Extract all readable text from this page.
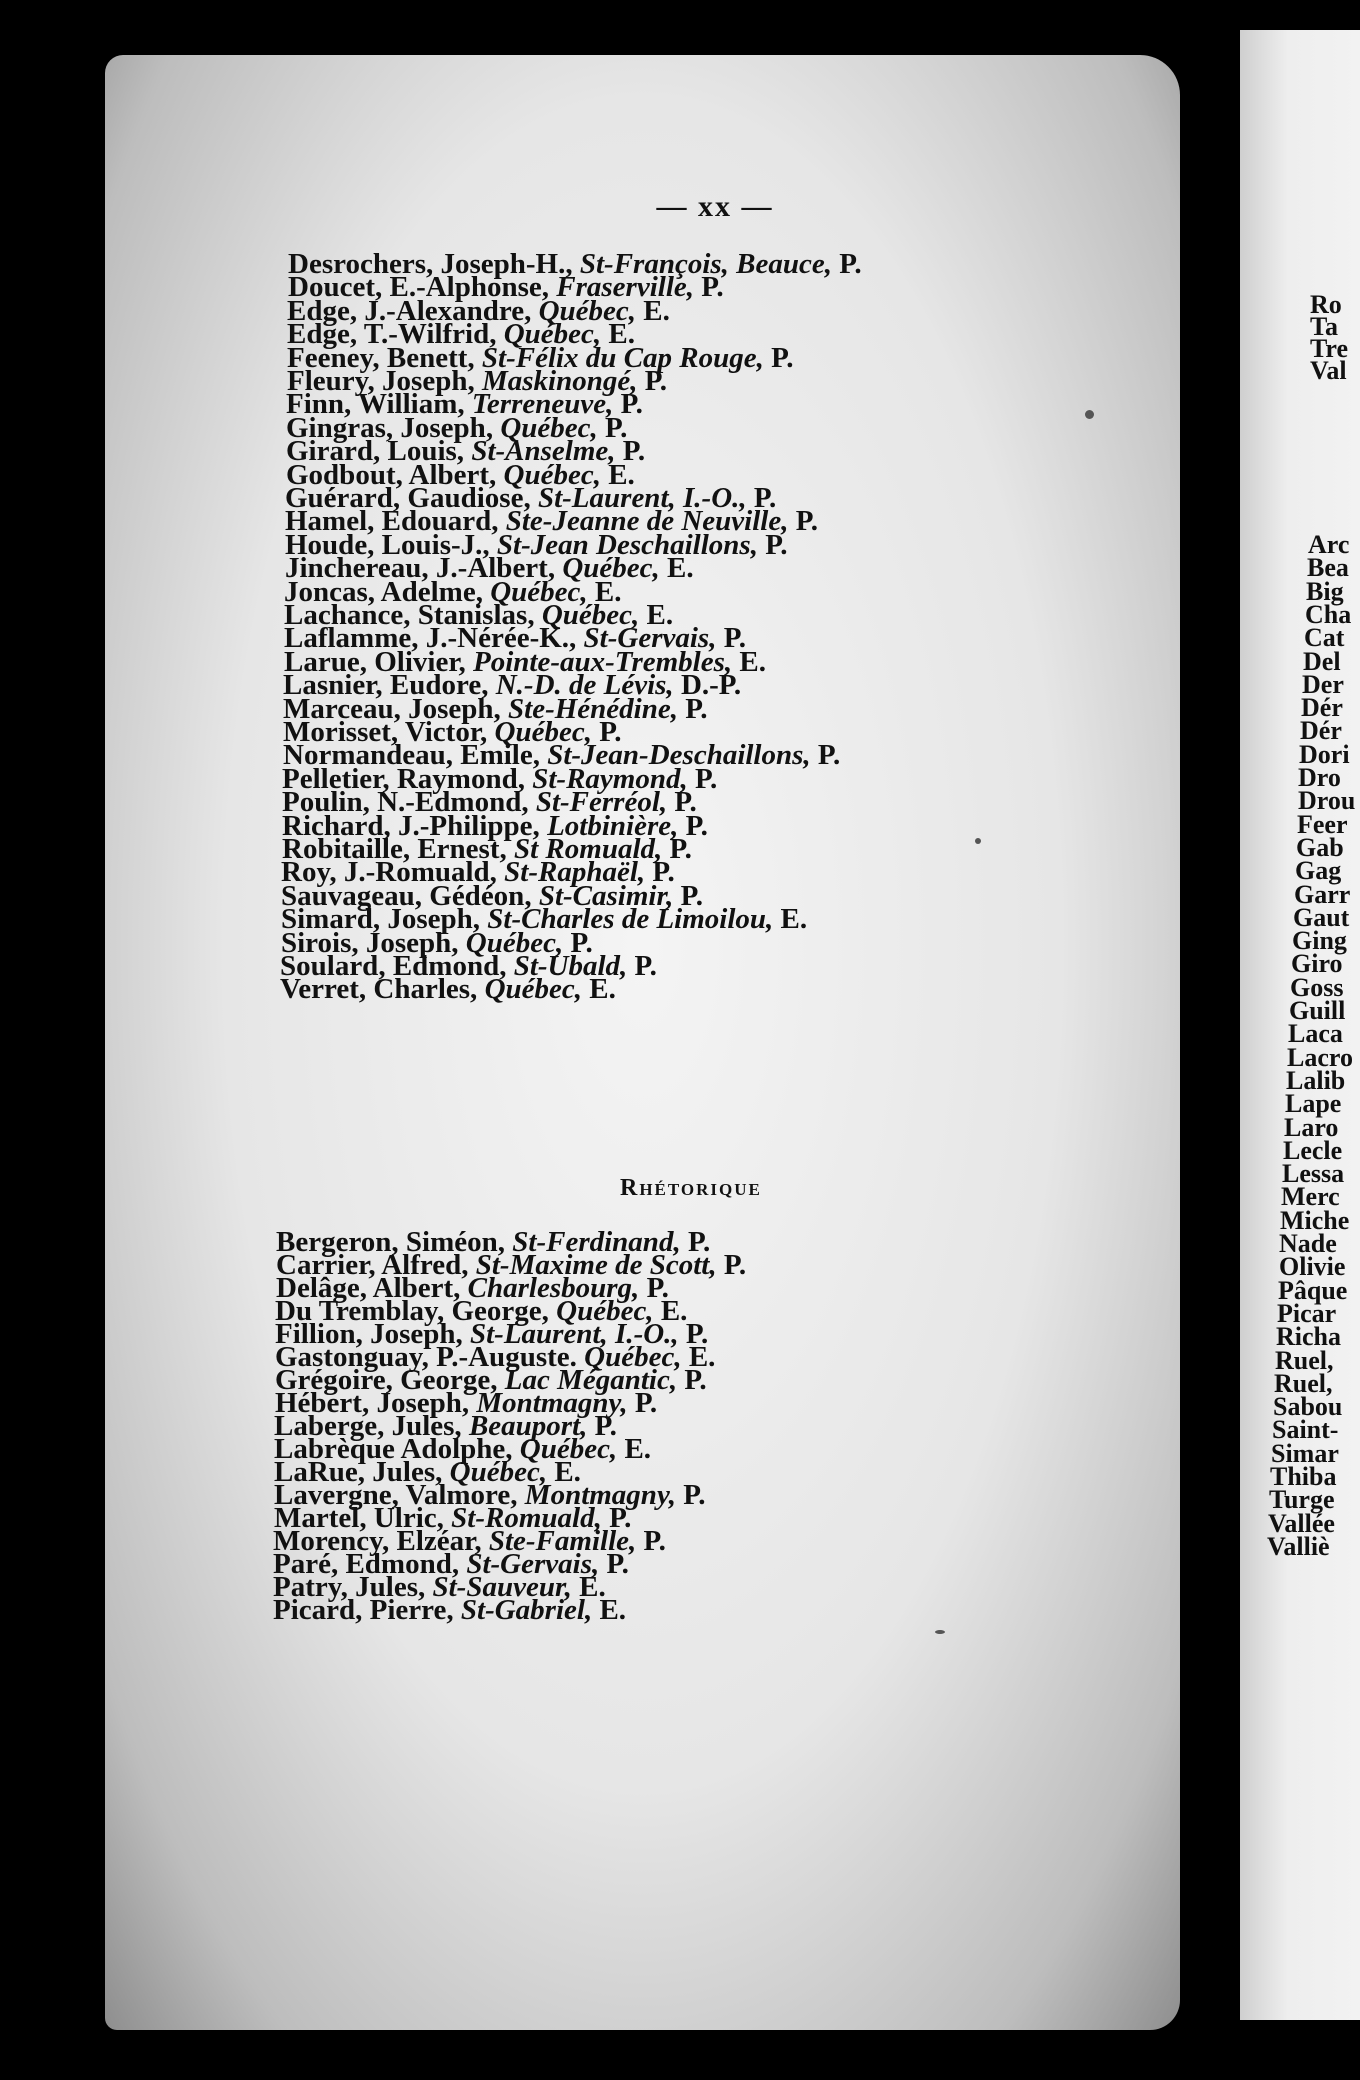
— xx —
Rhétorique
Desrochers, Joseph-H., St-François, Beauce, P.
Doucet, E.-Alphonse, Fraserville, P.
Edge, J.-Alexandre, Québec, E.
Edge, T.-Wilfrid, Québec, E.
Feeney, Benett, St-Félix du Cap Rouge, P.
Fleury, Joseph, Maskinongé, P.
Finn, William, Terreneuve, P.
Gingras, Joseph, Québec, P.
Girard, Louis, St-Anselme, P.
Godbout, Albert, Québec, E.
Guérard, Gaudiose, St-Laurent, I.-O., P.
Hamel, Edouard, Ste-Jeanne de Neuville, P.
Houde, Louis-J., St-Jean Deschaillons, P.
Jinchereau, J.-Albert, Québec, E.
Joncas, Adelme, Québec, E.
Lachance, Stanislas, Québec, E.
Laflamme, J.-Nérée-K., St-Gervais, P.
Larue, Olivier, Pointe-aux-Trembles, E.
Lasnier, Eudore, N.-D. de Lévis, D.-P.
Marceau, Joseph, Ste-Hénédine, P.
Morisset, Victor, Québec, P.
Normandeau, Emile, St-Jean-Deschaillons, P.
Pelletier, Raymond, St-Raymond, P.
Poulin, N.-Edmond, St-Ferréol, P.
Richard, J.-Philippe, Lotbinière, P.
Robitaille, Ernest, St Romuald, P.
Roy, J.-Romuald, St-Raphaël, P.
Sauvageau, Gédéon, St-Casimir, P.
Simard, Joseph, St-Charles de Limoilou, E.
Sirois, Joseph, Québec, P.
Soulard, Edmond, St-Ubald, P.
Verret, Charles, Québec, E.
Bergeron, Siméon, St-Ferdinand, P.
Carrier, Alfred, St-Maxime de Scott, P.
Delâge, Albert, Charlesbourg, P.
Du Tremblay, George, Québec, E.
Fillion, Joseph, St-Laurent, I.-O., P.
Gastonguay, P.-Auguste. Québec, E.
Grégoire, George, Lac Mégantic, P.
Hébert, Joseph, Montmagny, P.
Laberge, Jules, Beauport, P.
Labrèque Adolphe, Québec, E.
LaRue, Jules, Québec, E.
Lavergne, Valmore, Montmagny, P.
Martel, Ulric, St-Romuald, P.
Morency, Elzéar, Ste-Famille, P.
Paré, Edmond, St-Gervais, P.
Patry, Jules, St-Sauveur, E.
Picard, Pierre, St-Gabriel, E.
Ro
Ta
Tre
Val
Arc
Bea
Big
Cha
Cat
Del
Der
Dér
Dér
Dori
Dro
Drou
Feer
Gab
Gag
Garr
Gaut
Ging
Giro
Goss
Guill
Laca
Lacro
Lalib
Lape
Laro
Lecle
Lessa
Merc
Miche
Nade
Olivie
Pâque
Picar
Richa
Ruel,
Ruel,
Sabou
Saint-
Simar
Thiba
Turge
Vallée
Valliè
